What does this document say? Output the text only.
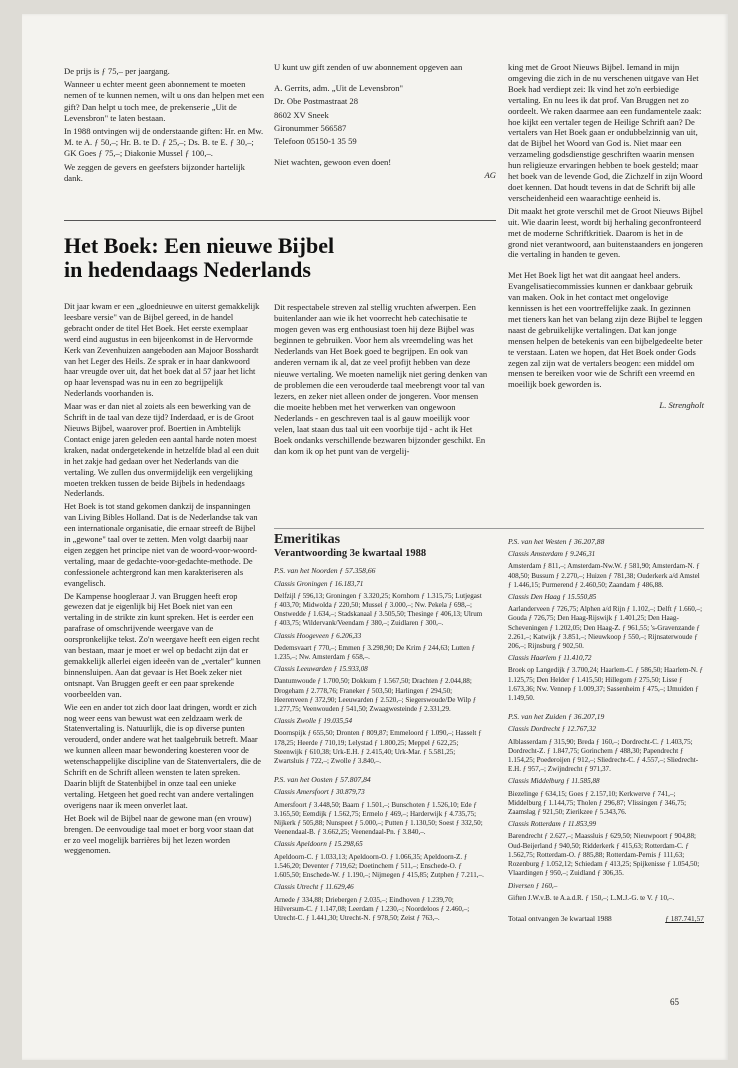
De prijs is ƒ 75,– per jaargang.

Wanneer u echter meent geen abonnement te moeten nemen of te kunnen nemen, wilt u ons dan helpen met een gift? Dan helpt u toch mee, de prekenserie „Uit de Levensbron" te laten bestaan.

In 1988 ontvingen wij de onderstaande giften: Hr. en Mw. M. te A. ƒ 50,–; Hr. B. te D. ƒ 25,–; Ds. B. te E. ƒ 30,–; GK Goes ƒ 75,–; Diakonie Mussel ƒ 100,–.

We zeggen de gevers en geefsters bijzonder hartelijk dank.

U kunt uw gift zenden of uw abonnement opgeven aan

A. Gerrits, adm. „Uit de Levensbron"

Dr. Obe Postmastraat 28

8602 XV Sneek

Gironummer 566587

Telefoon 05150-1 35 59

Niet wachten, gewoon even doen!

AG

Het Boek: Een nieuwe Bijbel
in hedendaags Nederlands

Dit jaar kwam er een „gloednieuwe en uiterst gemakkelijk leesbare versie" van de Bijbel gereed, in de handel gebracht onder de titel Het Boek. Het eerste exemplaar werd eind augustus in een bijeenkomst in de Hervormde Kerk van Zevenhuizen aangeboden aan Majoor Bosshardt van het Leger des Heils. Ze sprak er in haar dankwoord haar vreugde over uit, dat het boek dat al 57 jaar het licht op haar levenspad was nu in een zo begrijpelijk Nederlands voorhanden is.

Maar was er dan niet al zoiets als een bewerking van de Schrift in de taal van deze tijd? Inderdaad, er is de Groot Nieuws Bijbel, waarover prof. Boertien in Ambtelijk Contact enige jaren geleden een aantal harde noten moest kraken, nadat ondergetekende in hetzelfde blad al een duit in het zakje had gedaan over het Nederlands van die vertaling. We zullen dus onvermijdelijk een vergelijking moeten trekken tussen de beide Bijbels in hedendaags Nederlands.

Het Boek is tot stand gekomen dankzij de inspanningen van Living Bibles Holland. Dat is de Nederlandse tak van een internationale organisatie, die ernaar streeft de Bijbel in „gewone" taal over te zetten. Men volgt daarbij naar eigen zeggen het principe niet van de woord-voor-woord-vertaling, maar de gedachte-voor-gedachte-methode. De confessionele achtergrond kan men karakteriseren als evangelisch.

De Kampense hoogleraar J. van Bruggen heeft erop gewezen dat je eigenlijk bij Het Boek niet van een vertaling in de strikte zin kunt spreken. Het is eerder een parafrase of omschrijvende weergave van de oorspronkelijke tekst. Zo'n weergave heeft een eigen recht van bestaan, maar je moet er wel op bedacht zijn dat er gemakkelijk allerlei eigen ideeën van de „vertaler" kunnen binnensluipen. Aan dat gevaar is Het Boek zeker niet ontsnapt. Van Bruggen geeft er een paar sprekende voorbeelden van.

Wie een en ander tot zich door laat dringen, wordt er zich nog weer eens van bewust wat een zeldzaam werk de Statenvertaling is. Natuurlijk, die is op diverse punten verouderd, onder andere wat het taalgebruik betreft. Maar we kunnen alleen maar bewondering koesteren voor de wetenschappelijke discipline van de Statenvertalers, die de Schrift en de Schrift alleen wensten te laten spreken. Daarin blijft de Statenbijbel in onze taal een unieke vertaling. Hetgeen het goed recht van andere vertalingen overigens naar ik meen onverlet laat.

Het Boek wil de Bijbel naar de gewone man (en vrouw) brengen. De eenvoudige taal moet er borg voor staan dat er zo veel mogelijk barrières bij het lezen worden weggenomen.

Dit respectabele streven zal stellig vruchten afwerpen. Een buitenlander aan wie ik het voorrecht heb catechisatie te mogen geven was erg enthousiast toen hij deze Bijbel was beginnen te gebruiken. Voor hem als vreemdeling was het Nederlands van Het Boek goed te begrijpen. En ook van anderen vernam ik al, dat ze veel profijt hebben van deze nieuwe vertaling. We moeten namelijk niet gering denken van de problemen die een verouderde taal meebrengt voor tal van lezers, en zeker niet alleen onder de jongeren. Voor mensen die moeite hebben met het verwerken van ongewoon Nederlands - en geschreven taal is al gauw moeilijk voor velen, laat staan dus taal uit een voorbije tijd - acht ik Het Boek ondanks verschillende bezwaren bijzonder geschikt. En dan kom ik op het punt van de vergelij-

king met de Groot Nieuws Bijbel. Iemand in mijn omgeving die zich in de nu verschenen uitgave van Het Boek had verdiept zei: Ik vind het zo'n eerbiedige vertaling. En nu lees ik dat prof. Van Bruggen net zo oordeelt. We raken daarmee aan een fundamentele zaak: hoe kijkt een vertaler tegen de Heilige Schrift aan? De vertalers van Het Boek gaan er ondubbelzinnig van uit, dat de Bijbel het Woord van God is. Niet maar een verzameling godsdienstige geschriften waarin mensen hun religieuze ervaringen hebben te boek gesteld; maar het boek van de levende God, die Zichzelf in zijn Woord doet kennen. Dat houdt tevens in dat de Schrift bij alle verscheidenheid een waarachtige eenheid is.

Dit maakt het grote verschil met de Groot Nieuws Bijbel uit. Wie daarin leest, wordt bij herhaling geconfronteerd met de moderne Schriftkritiek. Daarom is het in de grond niet verantwoord, aan buitenstaanders en jongeren die vertaling in handen te geven.

Met Het Boek ligt het wat dit aangaat heel anders. Evangelisatiecommissies kunnen er dankbaar gebruik van maken. Ook in het contact met ongelovige kennissen is het een voortreffelijke zaak. In gezinnen met tieners kan het van belang zijn deze Bijbel te leggen naast de gebruikelijke vertalingen. Dat kan jonge mensen helpen de betekenis van een bijbelgedeelte beter te verstaan. Laten we hopen, dat Het Boek onder Gods zegen zal zijn wat de vertalers beogen: een middel om mensen te bereiken voor wie de Schrift een vreemd en moeilijk boek geworden is.

L. Strengholt

Emeritikas
Verantwoording 3e kwartaal 1988

P.S. van het Noorden ƒ 57.358,66

Classis Groningen ƒ 16.183,71

Delfzijl ƒ 596,13; Groningen ƒ 3.320,25; Kornhorn ƒ 1.315,75; Lutjegast ƒ 403,70; Midwolda ƒ 220,50; Mussel ƒ 3.000,–; Nw. Pekela ƒ 698,–; Onstwedde ƒ 1.634,–; Stadskanaal ƒ 3.505,50; Thesinge ƒ 406,13; Ulrum ƒ 403,75; Wildervank/Veendam ƒ 380,–; Zuidlaren ƒ 300,–.

Classis Hoogeveen ƒ 6.206,33

Dedemsvaart ƒ 770,–; Emmen ƒ 3.298,90; De Krim ƒ 244,63; Lutten ƒ 1.235,–; Nw. Amsterdam ƒ 658,–.

Classis Leeuwarden ƒ 15.933,08

Dantumwoude ƒ 1.700,50; Dokkum ƒ 1.567,50; Drachten ƒ 2.044,88; Drogeham ƒ 2.778,76; Franeker ƒ 503,50; Harlingen ƒ 294,50; Heerenveen ƒ 372,90; Leeuwarden ƒ 2.520,–; Siegerswoude/De Wilp ƒ 1.277,75; Veenwouden ƒ 541,50; Zwaagwesteinde ƒ 2.331,29.

Classis Zwolle ƒ 19.035,54

Doornspijk ƒ 655,50; Dronten ƒ 809,87; Emmeloord ƒ 1.090,–; Hasselt ƒ 178,25; Heerde ƒ 710,19; Lelystad ƒ 1.800,25; Meppel ƒ 622,25; Steenwijk ƒ 610,38; Urk-E.H. ƒ 2.415,40; Urk-Mar. ƒ 5.581,25; Zwartsluis ƒ 722,–; Zwolle ƒ 3.840,–.

P.S. van het Oosten ƒ 57.807,84

Classis Amersfoort ƒ 30.879,73

Amersfoort ƒ 3.448,50; Baarn ƒ 1.501,–; Bunschoten ƒ 1.526,10; Ede ƒ 3.165,50; Eemdijk ƒ 1.562,75; Ermelo ƒ 469,–; Harderwijk ƒ 4.735,75; Nijkerk ƒ 505,88; Nunspeet ƒ 5.000,–; Putten ƒ 1.130,50; Soest ƒ 332,50; Veenendaal-B. ƒ 3.662,25; Veenendaal-Pn. ƒ 3.840,–.

Classis Apeldoorn ƒ 15.298,65

Apeldoorn-C. ƒ 1.033,13; Apeldoorn-O. ƒ 1.066,35; Apeldoorn-Z. ƒ 1.546,20; Deventer ƒ 719,62; Doetinchem ƒ 511,–; Enschede-O. ƒ 1.605,50; Enschede-W. ƒ 1.190,–; Nijmegen ƒ 415,85; Zutphen ƒ 7.211,–.

Classis Utrecht ƒ 11.629,46

Arnede ƒ 334,88; Driebergen ƒ 2.035,–; Eindhoven ƒ 1.239,70; Hilversum-C. ƒ 1.147,08; Leerdam ƒ 1.230,–; Noordeloos ƒ 2.460,–; Utrecht-C. ƒ 1.441,30; Utrecht-N. ƒ 978,50; Zeist ƒ 763,–.

P.S. van het Westen ƒ 36.207,88

Classis Amsterdam ƒ 9.246,31

Amsterdam ƒ 811,–; Amsterdam-Nw.W. ƒ 581,90; Amsterdam-N. ƒ 408,50; Bussum ƒ 2.270,–; Huizen ƒ 781,38; Ouderkerk a/d Amstel ƒ 1.446,15; Purmerend ƒ 2.460,50; Zaandam ƒ 486,88.

Classis Den Haag ƒ 15.550,85

Aarlanderveen ƒ 726,75; Alphen a/d Rijn ƒ 1.102,–; Delft ƒ 1.660,–; Gouda ƒ 726,75; Den Haag-Rijswijk ƒ 1.401,25; Den Haag-Scheveningen ƒ 1.202,05; Den Haag-Z. ƒ 961,55; 's-Gravenzande ƒ 2.261,–; Katwijk ƒ 3.851,–; Nieuwkoop ƒ 550,–; Rijnsaterwoude ƒ 206,–; Rijnsburg ƒ 902,50.

Classis Haarlem ƒ 11.410,72

Broek op Langedijk ƒ 3.700,24; Haarlem-C. ƒ 586,50; Haarlem-N. ƒ 1.125,75; Den Helder ƒ 1.415,50; Hillegom ƒ 275,50; Lisse ƒ 1.673,36; Nw. Vennep ƒ 1.009,37; Sassenheim ƒ 475,–; IJmuiden ƒ 1.149,50.

P.S. van het Zuiden ƒ 36.207,19

Classis Dordrecht ƒ 12.767,32

Alblasserdam ƒ 315,90; Breda ƒ 160,–; Dordrecht-C. ƒ 1.403,75; Dordrecht-Z. ƒ 1.847,75; Gorinchem ƒ 488,30; Papendrecht ƒ 1.154,25; Poederoijen ƒ 912,–; Sliedrecht-C. ƒ 4.557,–; Sliedrecht-E.H. ƒ 957,–; Zwijndrecht ƒ 971,37.

Classis Middelburg ƒ 11.585,88

Biezelinge ƒ 634,15; Goes ƒ 2.157,10; Kerkwerve ƒ 741,–; Middelburg ƒ 1.144,75; Tholen ƒ 296,87; Vlissingen ƒ 346,75; Zaamslag ƒ 921,50; Zierikzee ƒ 5.343,76.

Classis Rotterdam ƒ 11.853,99

Barendrecht ƒ 2.627,–; Maassluis ƒ 629,50; Nieuwpoort ƒ 904,88; Oud-Beijerland ƒ 940,50; Ridderkerk ƒ 415,63; Rotterdam-C. ƒ 1.562,75; Rotterdam-O. ƒ 885,88; Rotterdam-Pernis ƒ 111,63; Rozenburg ƒ 1.052,12; Schiedam ƒ 413,25; Spijkenisse ƒ 1.054,50; Vlaardingen ƒ 950,–; Zuidland ƒ 306,35.

Diversen ƒ 160,–

Giften J.W.v.B. te A.a.d.R. ƒ 150,–; L.M.J.-G. te V. ƒ 10,–.

Totaal ontvangen 3e kwartaal 1988	ƒ 187.741,57
65
